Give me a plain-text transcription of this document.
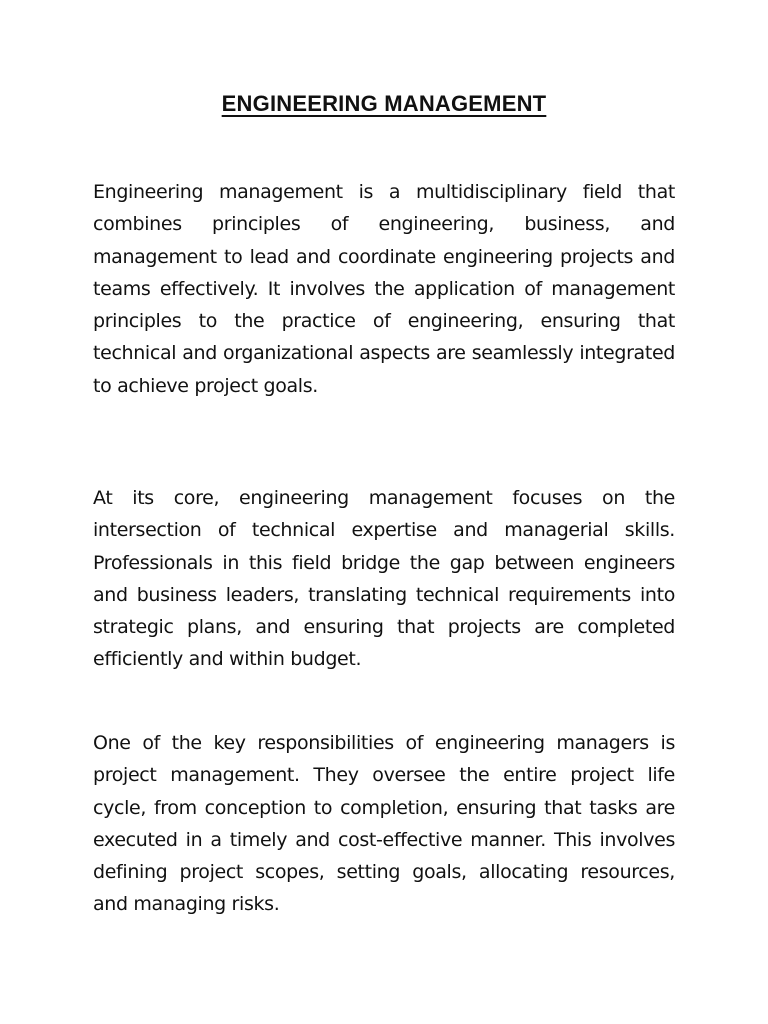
ENGINEERING MANAGEMENT

Engineering management is a multidisciplinary field that combines principles of engineering, business, and management to lead and coordinate engineering projects and teams effectively. It involves the application of management principles to the practice of engineering, ensuring that technical and organizational aspects are seamlessly integrated to achieve project goals.

At its core, engineering management focuses on the intersection of technical expertise and managerial skills. Professionals in this field bridge the gap between engineers and business leaders, translating technical requirements into strategic plans, and ensuring that projects are completed efficiently and within budget.

One of the key responsibilities of engineering managers is project management. They oversee the entire project life cycle, from conception to completion, ensuring that tasks are executed in a timely and cost-effective manner. This involves defining project scopes, setting goals, allocating resources, and managing risks.
